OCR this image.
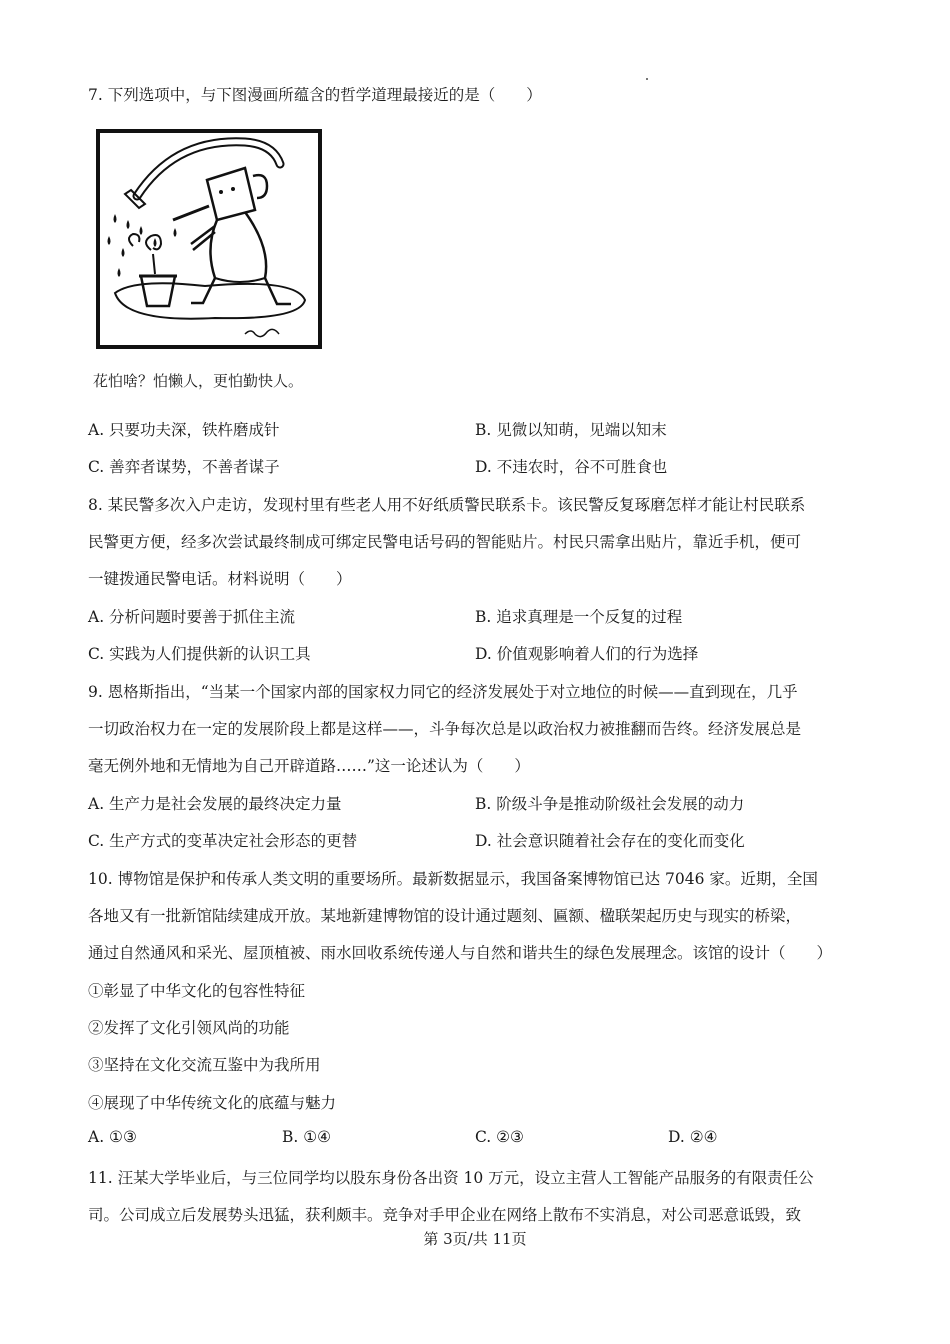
7. 下列选项中，与下图漫画所蕴含的哲学道理最接近的是（　　）
花怕啥？怕懒人，更怕勤快人。
A. 只要功夫深，铁杵磨成针	B. 见微以知萌，见端以知末
C. 善弈者谋势，不善者谋子	D. 不违农时，谷不可胜食也
8. 某民警多次入户走访，发现村里有些老人用不好纸质警民联系卡。该民警反复琢磨怎样才能让村民联系
民警更方便，经多次尝试最终制成可绑定民警电话号码的智能贴片。村民只需拿出贴片，靠近手机，便可
一键拨通民警电话。材料说明（　　）
A. 分析问题时要善于抓住主流	B. 追求真理是一个反复的过程
C. 实践为人们提供新的认识工具	D. 价值观影响着人们的行为选择
9. 恩格斯指出，“当某一个国家内部的国家权力同它的经济发展处于对立地位的时候——直到现在，几乎
一切政治权力在一定的发展阶段上都是这样——，斗争每次总是以政治权力被推翻而告终。经济发展总是
毫无例外地和无情地为自己开辟道路……”这一论述认为（　　）
A. 生产力是社会发展的最终决定力量	B. 阶级斗争是推动阶级社会发展的动力
C. 生产方式的变革决定社会形态的更替	D. 社会意识随着社会存在的变化而变化
10. 博物馆是保护和传承人类文明的重要场所。最新数据显示，我国备案博物馆已达 7046 家。近期，全国
各地又有一批新馆陆续建成开放。某地新建博物馆的设计通过题刻、匾额、楹联架起历史与现实的桥梁，
通过自然通风和采光、屋顶植被、雨水回收系统传递人与自然和谐共生的绿色发展理念。该馆的设计（　　）
①彰显了中华文化的包容性特征
②发挥了文化引领风尚的功能
③坚持在文化交流互鉴中为我所用
④展现了中华传统文化的底蕴与魅力
A. ①③	B. ①④	C. ②③	D. ②④
11. 汪某大学毕业后，与三位同学均以股东身份各出资 10 万元，设立主营人工智能产品服务的有限责任公
司。公司成立后发展势头迅猛，获利颇丰。竞争对手甲企业在网络上散布不实消息，对公司恶意诋毁，致
第 3页/共 11页
